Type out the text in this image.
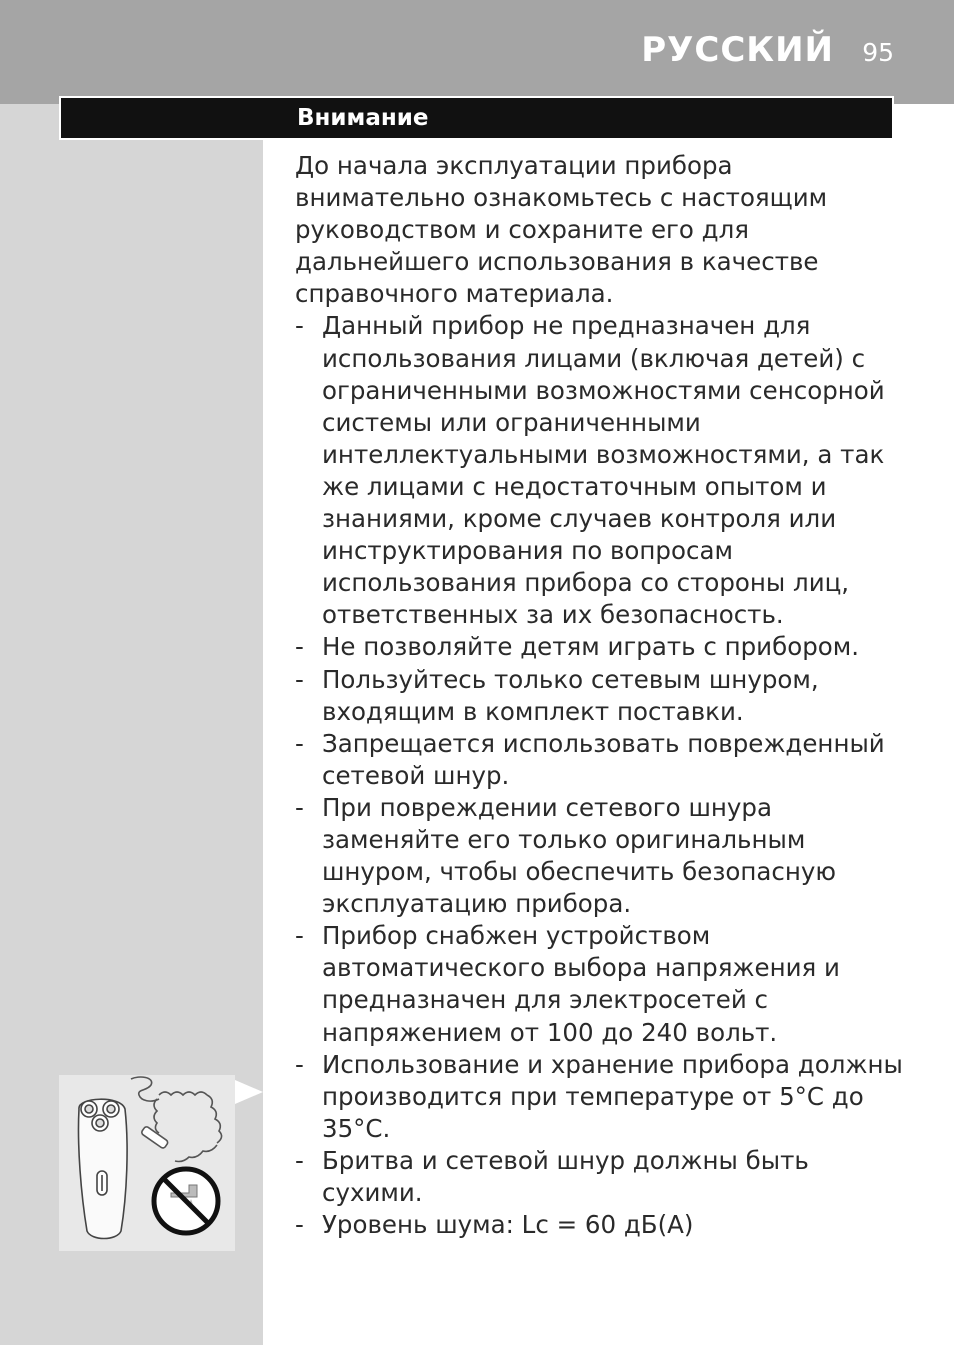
РУССКИЙ 95
Внимание

До начала эксплуатации прибора внимательно ознакомьтесь с настоящим руководством и сохраните его для дальнейшего использования в качестве справочного материала.

- Данный прибор не предназначен для использования лицами (включая детей) с ограниченными возможностями сенсорной системы или ограниченными интеллектуальными возможностями, а так же лицами с недостаточным опытом и знаниями, кроме случаев контроля или инструктирования по вопросам использования прибора со стороны лиц, ответственных за их безопасность.
- Не позволяйте детям играть с прибором.
- Пользуйтесь только сетевым шнуром, входящим в комплект поставки.
- Запрещается использовать поврежденный сетевой шнур.
- При повреждении сетевого шнура заменяйте его только оригинальным шнуром, чтобы обеспечить безопасную эксплуатацию прибора.
- Прибор снабжен устройством автоматического выбора напряжения и предназначен для электросетей с напряжением от 100 до 240 вольт.
- Использование и хранение прибора должны производится при температуре от 5°C до 35°C.
- Бритва и сетевой шнур должны быть сухими.
- Уровень шума: Lc = 60 дБ(A)
